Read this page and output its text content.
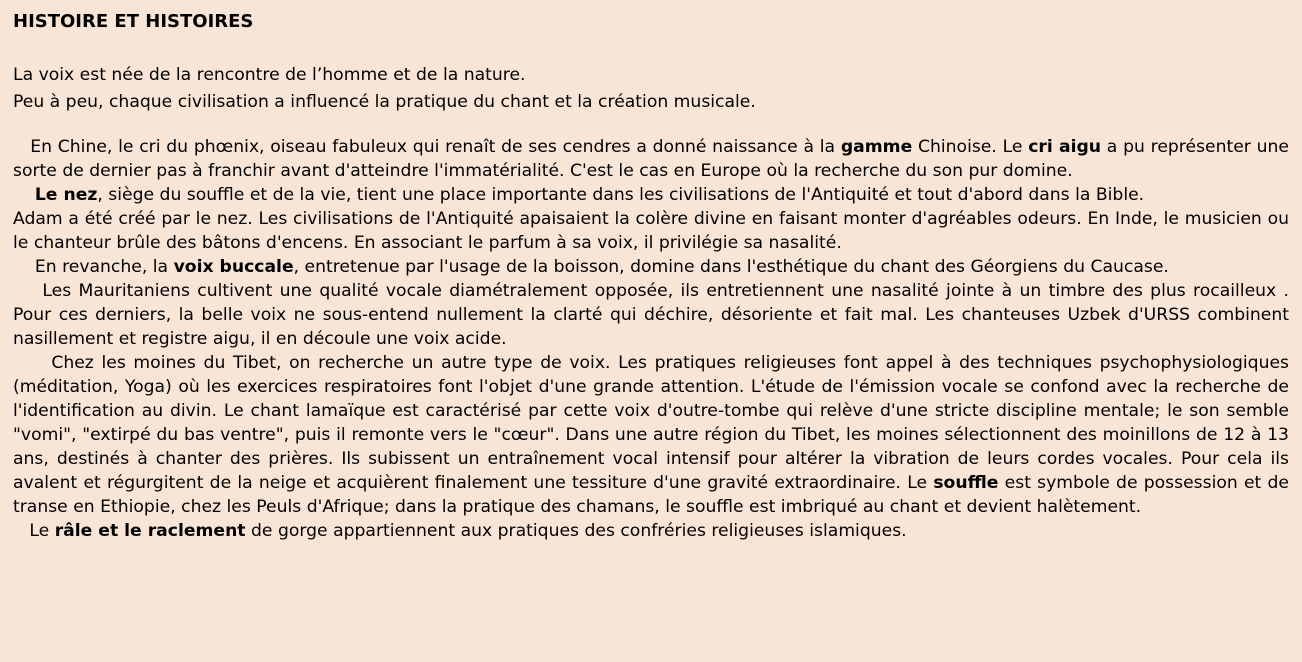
HISTOIRE ET HISTOIRES

La voix est née de la rencontre de l’homme et de la nature.

Peu à peu, chaque civilisation a influencé la pratique du chant et la création musicale.

En Chine, le cri du phœnix, oiseau fabuleux qui renaît de ses cendres a donné naissance à la gamme Chinoise. Le cri aigu a pu représenter une sorte de dernier pas à franchir avant d'atteindre l'immatérialité. C'est le cas en Europe où la recherche du son pur domine.

Le nez, siège du souffle et de la vie, tient une place importante dans les civilisations de l'Antiquité et tout d'abord dans la Bible.

Adam a été créé par le nez. Les civilisations de l'Antiquité apaisaient la colère divine en faisant monter d'agréables odeurs. En Inde, le musicien ou le chanteur brûle des bâtons d'encens. En associant le parfum à sa voix, il privilégie sa nasalité.

En revanche, la voix buccale, entretenue par l'usage de la boisson, domine dans l'esthétique du chant des Géorgiens du Caucase.

Les Mauritaniens cultivent une qualité vocale diamétralement opposée, ils entretiennent une nasalité jointe à un timbre des plus rocailleux . Pour ces derniers, la belle voix ne sous-entend nullement la clarté qui déchire, désoriente et fait mal. Les chanteuses Uzbek d'URSS combinent nasillement et registre aigu, il en découle une voix acide.

Chez les moines du Tibet, on recherche un autre type de voix. Les pratiques religieuses font appel à des techniques psychophysiologiques (méditation, Yoga) où les exercices respiratoires font l'objet d'une grande attention. L'étude de l'émission vocale se confond avec la recherche de l'identification au divin. Le chant lamaïque est caractérisé par cette voix d'outre-tombe qui relève d'une stricte discipline mentale; le son semble "vomi", "extirpé du bas ventre", puis il remonte vers le "cœur". Dans une autre région du Tibet, les moines sélectionnent des moinillons de 12 à 13 ans, destinés à chanter des prières. Ils subissent un entraînement vocal intensif pour altérer la vibration de leurs cordes vocales. Pour cela ils avalent et régurgitent de la neige et acquièrent finalement une tessiture d'une gravité extraordinaire. Le souffle est symbole de possession et de transe en Ethiopie, chez les Peuls d'Afrique; dans la pratique des chamans, le souffle est imbriqué au chant et devient halètement.

Le râle et le raclement de gorge appartiennent aux pratiques des confréries religieuses islamiques.
